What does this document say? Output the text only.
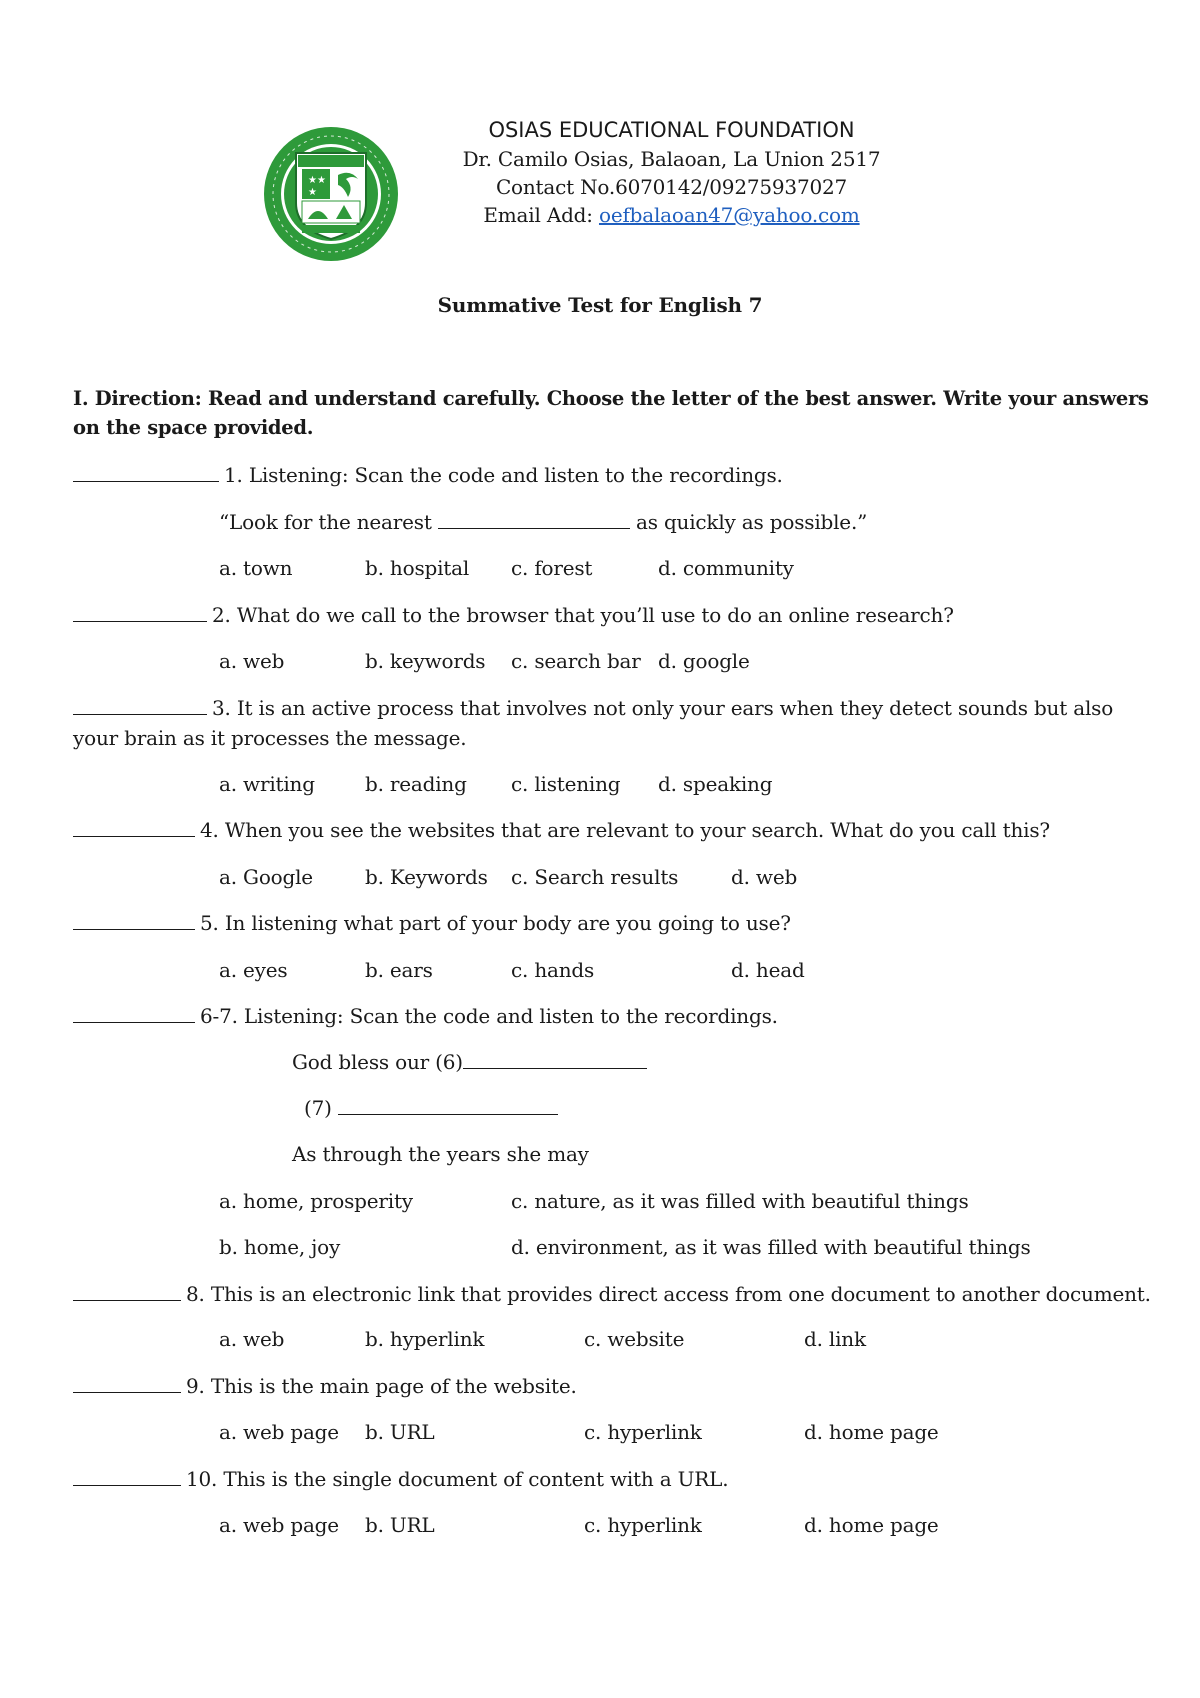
★★
★
OSIAS EDUCATIONAL FOUNDATION
Dr. Camilo Osias, Balaoan, La Union 2517
Contact No.6070142/09275937027
Email Add: oefbalaoan47@yahoo.com
Summative Test for English 7
I. Direction: Read and understand carefully. Choose the letter of the best answer. Write your answers
on the space provided.
1. Listening: Scan the code and listen to the recordings.
“Look for the nearest	as quickly as possible.”
a. town	b. hospital c. forest	d. community
2. What do we call to the browser that you’ll use to do an online research?
a. web	b. keywords c. search bar d. google
3. It is an active process that involves not only your ears when they detect sounds but also
your brain as it processes the message.
a. writing	b. reading c. listening d. speaking
4. When you see the websites that are relevant to your search. What do you call this?
a. Google	b. Keywords c. Search results	d. web
5. In listening what part of your body are you going to use?
a. eyes	b. ears	c. hands	d. head
6-7. Listening: Scan the code and listen to the recordings.
God bless our (6)
(7)
As through the years she may
a. home, prosperity	c. nature, as it was filled with beautiful things
b. home, joy	d. environment, as it was filled with beautiful things
8. This is an electronic link that provides direct access from one document to another document.
a. web	b. hyperlink	c. website	d. link
9. This is the main page of the website.
a. web page b. URL	c. hyperlink	d. home page
10. This is the single document of content with a URL.
a. web page b. URL	c. hyperlink	d. home page
